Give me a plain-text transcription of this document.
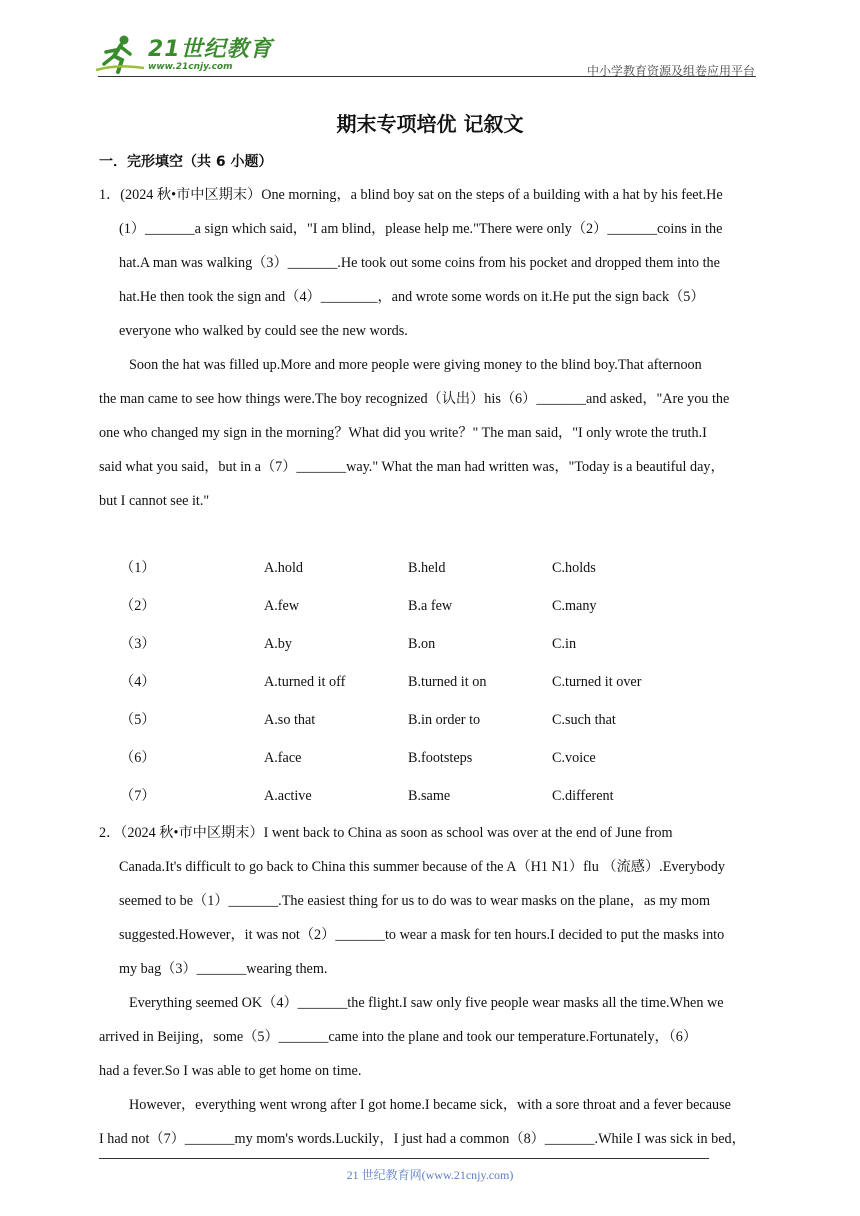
21世纪教育
www.21cnjy.com	中小学教育资源及组卷应用平台
期末专项培优 记叙文
一．完形填空（共 6 小题）
1．(2024 秋•市中区期末）One morning，a blind boy sat on the steps of a building with a hat by his feet.He
(1）_______a sign which said，"I am blind，please help me."There were only（2）_______coins in the
hat.A man was walking（3）_______.He took out some coins from his pocket and dropped them into the
hat.He then took the sign and（4）________，and wrote some words on it.He put the sign back（5）
everyone who walked by could see the new words.
Soon the hat was filled up.More and more people were giving money to the blind boy.That afternoon
the man came to see how things were.The boy recognized（认出）his（6）_______and asked，"Are you the
one who changed my sign in the morning？What did you write？" The man said，"I only wrote the truth.I
said what you said，but in a（7）_______way." What the man had written was，"Today is a beautiful day，
but I cannot see it."
（1）	A.hold	B.held	C.holds
（2）	A.few	B.a few	C.many
（3）	A.by	B.on	C.in
（4）	A.turned it off	B.turned it on	C.turned it over
（5）	A.so that	B.in order to	C.such that
（6）	A.face	B.footsteps	C.voice
（7）	A.active	B.same	C.different
2．（2024 秋•市中区期末）I went back to China as soon as school was over at the end of June from
Canada.It's difficult to go back to China this summer because of the A（H1 N1）flu （流感）.Everybody
seemed to be（1）_______.The easiest thing for us to do was to wear masks on the plane，as my mom
suggested.However，it was not（2）_______to wear a mask for ten hours.I decided to put the masks into
my bag（3）_______wearing them.
Everything seemed OK（4）_______the flight.I saw only five people wear masks all the time.When we
arrived in Beijing，some（5）_______came into the plane and took our temperature.Fortunately，（6）
had a fever.So I was able to get home on time.
However，everything went wrong after I got home.I became sick，with a sore throat and a fever because
I had not（7）_______my mom's words.Luckily，I just had a common（8）_______.While I was sick in bed，
21 世纪教育网(www.21cnjy.com)
